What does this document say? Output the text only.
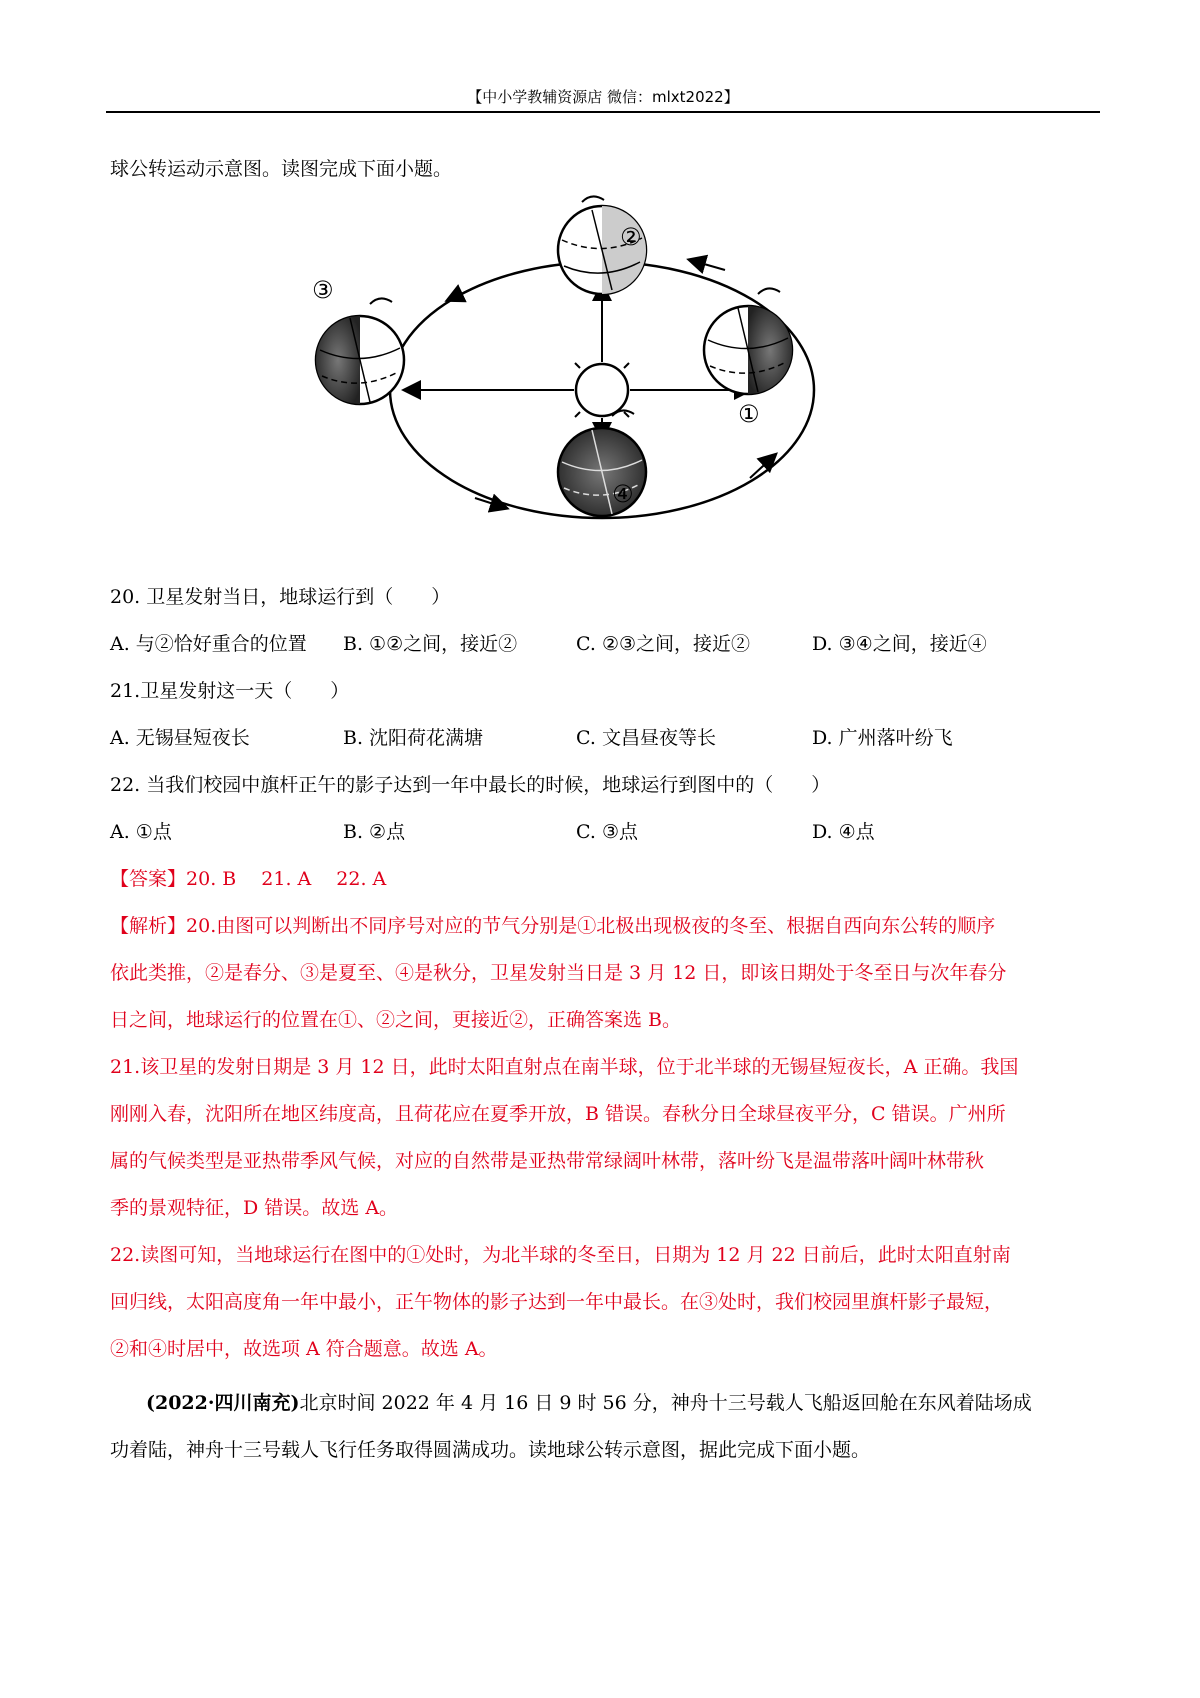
【中小学教辅资源店 微信：mlxt2022】
球公转运动示意图。读图完成下面小题。
②
③
①
④
20. 卫星发射当日，地球运行到（　　）
A. 与②恰好重合的位置 B. ①②之间，接近②	C. ②③之间，接近②	D. ③④之间，接近④
21.卫星发射这一天（　　）
A. 无锡昼短夜长	B. 沈阳荷花满塘	C. 文昌昼夜等长	D. 广州落叶纷飞
22. 当我们校园中旗杆正午的影子达到一年中最长的时候，地球运行到图中的（　　）
A. ①点	B. ②点	C. ③点	D. ④点
【答案】20. B　 21. A　 22. A
【解析】20.由图可以判断出不同序号对应的节气分别是①北极出现极夜的冬至、根据自西向东公转的顺序
依此类推，②是春分、③是夏至、④是秋分，卫星发射当日是 3 月 12 日，即该日期处于冬至日与次年春分
日之间，地球运行的位置在①、②之间，更接近②，正确答案选 B。
21.该卫星的发射日期是 3 月 12 日，此时太阳直射点在南半球，位于北半球的无锡昼短夜长，A 正确。我国
刚刚入春，沈阳所在地区纬度高，且荷花应在夏季开放，B 错误。春秋分日全球昼夜平分，C 错误。广州所
属的气候类型是亚热带季风气候，对应的自然带是亚热带常绿阔叶林带，落叶纷飞是温带落叶阔叶林带秋
季的景观特征，D 错误。故选 A。
22.读图可知，当地球运行在图中的①处时，为北半球的冬至日，日期为 12 月 22 日前后，此时太阳直射南
回归线，太阳高度角一年中最小，正午物体的影子达到一年中最长。在③处时，我们校园里旗杆影子最短，
②和④时居中，故选项 A 符合题意。故选 A。
(2022·四川南充)北京时间 2022 年 4 月 16 日 9 时 56 分，神舟十三号载人飞船返回舱在东风着陆场成
功着陆，神舟十三号载人飞行任务取得圆满成功。读地球公转示意图，据此完成下面小题。
